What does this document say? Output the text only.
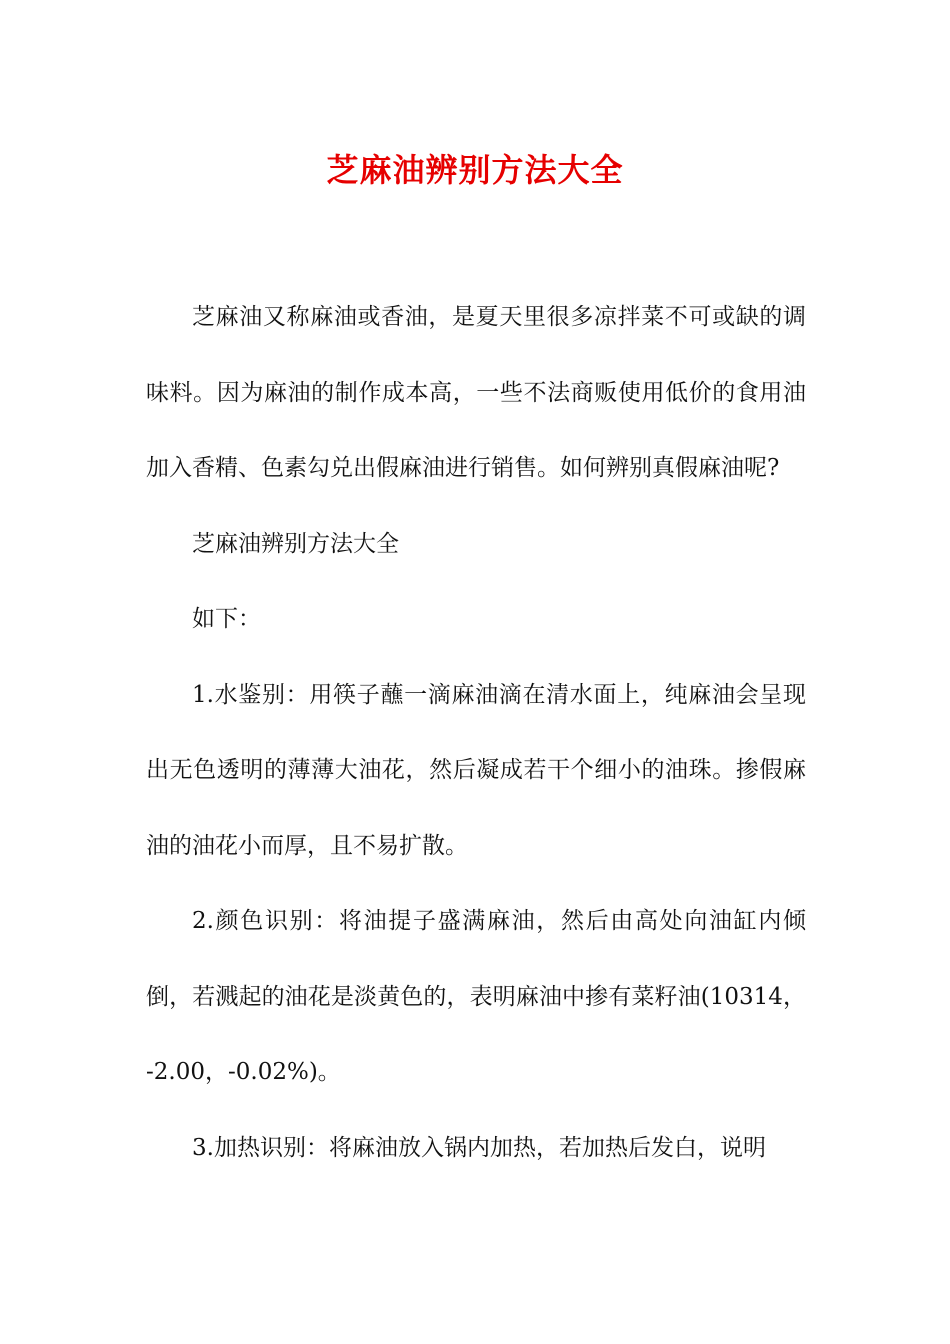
芝麻油辨别方法大全

芝麻油又称麻油或香油，是夏天里很多凉拌菜不可或缺的调味料。因为麻油的制作成本高，一些不法商贩使用低价的食用油加入香精、色素勾兑出假麻油进行销售。如何辨别真假麻油呢?

芝麻油辨别方法大全

如下：

1.水鉴别：用筷子蘸一滴麻油滴在清水面上，纯麻油会呈现出无色透明的薄薄大油花，然后凝成若干个细小的油珠。掺假麻油的油花小而厚，且不易扩散。

2.颜色识别：将油提子盛满麻油，然后由高处向油缸内倾倒，若溅起的油花是淡黄色的，表明麻油中掺有菜籽油(10314，-2.00，-0.02%)。

3.加热识别：将麻油放入锅内加热，若加热后发白，说明
